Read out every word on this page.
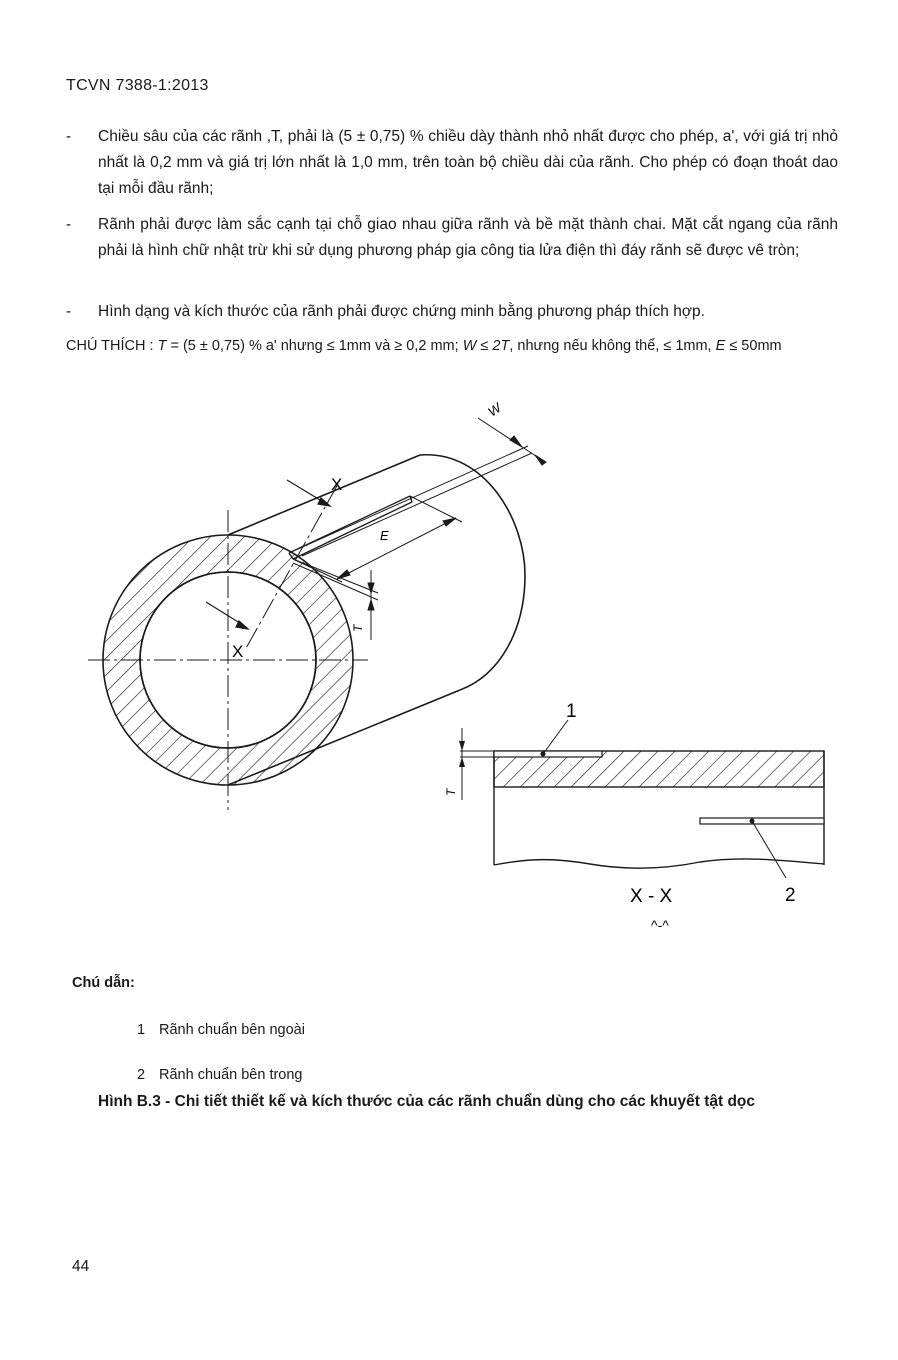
TCVN 7388-1:2013
- Chiều sâu của các rãnh ,T, phải là (5 ± 0,75) % chiều dày thành nhỏ nhất được cho phép, a', với giá trị nhỏ nhất là 0,2 mm và giá trị lớn nhất là 1,0 mm, trên toàn bộ chiều dài của rãnh. Cho phép có đoạn thoát dao tại mỗi đầu rãnh;
- Rãnh phải được làm sắc cạnh tại chỗ giao nhau giữa rãnh và bề mặt thành chai. Mặt cắt ngang của rãnh phải là hình chữ nhật trừ khi sử dụng phương pháp gia công tia lửa điện thì đáy rãnh sẽ được vê tròn;
- Hình dạng và kích thước của rãnh phải được chứng minh bằng phương pháp thích hợp.
CHÚ THÍCH : T = (5 ± 0,75) % a' nhưng ≤ 1mm và ≥ 0,2 mm; W ≤ 2T, nhưng nếu không thể, ≤ 1mm, E ≤ 50mm
W
E
T
X
X
T
1
2
X - X
^-^
Chú dẫn:
1 Rãnh chuẩn bên ngoài
2 Rãnh chuẩn bên trong
Hình B.3 - Chi tiết thiết kế và kích thước của các rãnh chuẩn dùng cho các khuyết tật dọc
44
